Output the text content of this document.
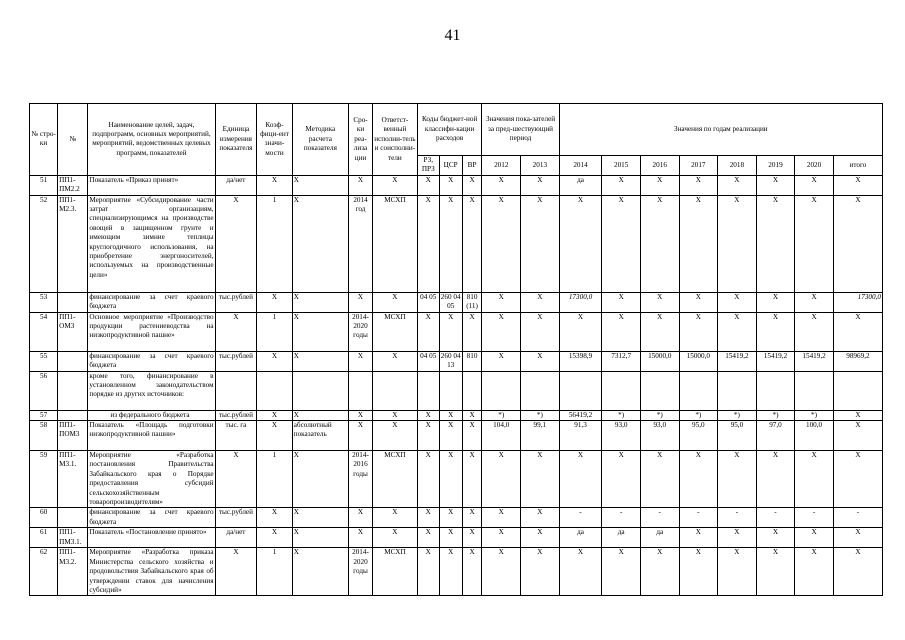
41
№ стро-ки	№	Наименование целей, задач, подпрограмм, основных мероприятий, мероприятий, ведомственных целевых программ, показателей	Единица измерения показателя	Коэф-фици-ент значи-мости	Методика расчета показателя	Сро-ки реа-лиза ции	Ответст-венный исполни-тель и соисполни-тели	Коды бюджет-ной классифи-кации расходов			Значения пока-зателей за пред-шествующий период		Значения по годам реализации							
								РЗ, ПРЗ	ЦСР	ВР	2012	2013	2014	2015	2016	2017	2018	2019	2020	итого
51	ПП1-ПМ2.2	Показатель «Приказ принят»	да/нет	Х	Х	Х	Х	Х	Х	Х	Х	Х	да	Х	Х	Х	Х	Х	Х	Х
52	ПП1-М2.3.	Мероприятие «Субсидирование части затрат организациям, специализирующимся на производстве овощей в защищенном грунте и имеющим зимние теплицы круглогодичного использования, на приобретение энергоносителей, используемых на производственные цели»	Х	1	Х	2014 год	МСХП	Х	Х	Х	Х	Х	Х	Х	Х	Х	Х	Х	Х	Х
53		финансирование за счет краевого бюджета	тыс.рублей	Х	Х	Х	Х	04 05	260 04 05	810 (11)	Х	Х	17300,0	Х	Х	Х	Х	Х	Х	17300,0
54	ПП1-ОМ3	Основное мероприятие «Производство продукции растениеводства на низкопродуктивной пашне»	Х	1	Х	2014-2020 годы	МСХП	Х	Х	Х	Х	Х	Х	Х	Х	Х	Х	Х	Х	Х
55		финансирование за счет краевого бюджета	тыс.рублей	Х	Х	Х	Х	04 05	260 04 13	810	Х	Х	15398,9	7312,7	15000,0	15000,0	15419,2	15419,2	15419,2	98969,2
56		кроме того, финансирование в установленном законодательством порядке из других источников:																		
57		из федерального бюджета	тыс.рублей	Х	Х	Х	Х	Х	Х	Х	*)	*)	56419,2	*)	*)	*)	*)	*)	*)	Х
58	ПП1-ПОМ3	Показатель «Площадь подготовки низкопродуктивной пашни»	тыс. га	Х	абсолютный показатель	Х	Х	Х	Х	Х	104,0	99,1	91,3	93,0	93,0	95,0	95,0	97,0	100,0	Х
59	ПП1-М3.1.	Мероприятие «Разработка постановления Правительства Забайкальского края о Порядке предоставления субсидий сельскохозяйственным товаропроизводителям»	Х	1	Х	2014-2016 годы	МСХП	Х	Х	Х	Х	Х	Х	Х	Х	Х	Х	Х	Х	Х
60		финансирование за счет краевого бюджета	тыс.рублей	Х	Х	Х	Х	Х	Х	Х	Х	Х	-	-	-	-	-	-	-	-
61	ПП1-ПМ3.1.	Показатель «Постановление принято»	да/нет	Х	Х	Х	Х	Х	Х	Х	Х	Х	да	да	да	Х	Х	Х	Х	Х
62	ПП1-М3.2.	Мероприятие «Разработка приказа Министерства сельского хозяйства и продовольствия Забайкальского края об утверждении ставок для начисления субсидий»	Х	1	Х	2014-2020 годы	МСХП	Х	Х	Х	Х	Х	Х	Х	Х	Х	Х	Х	Х	Х
